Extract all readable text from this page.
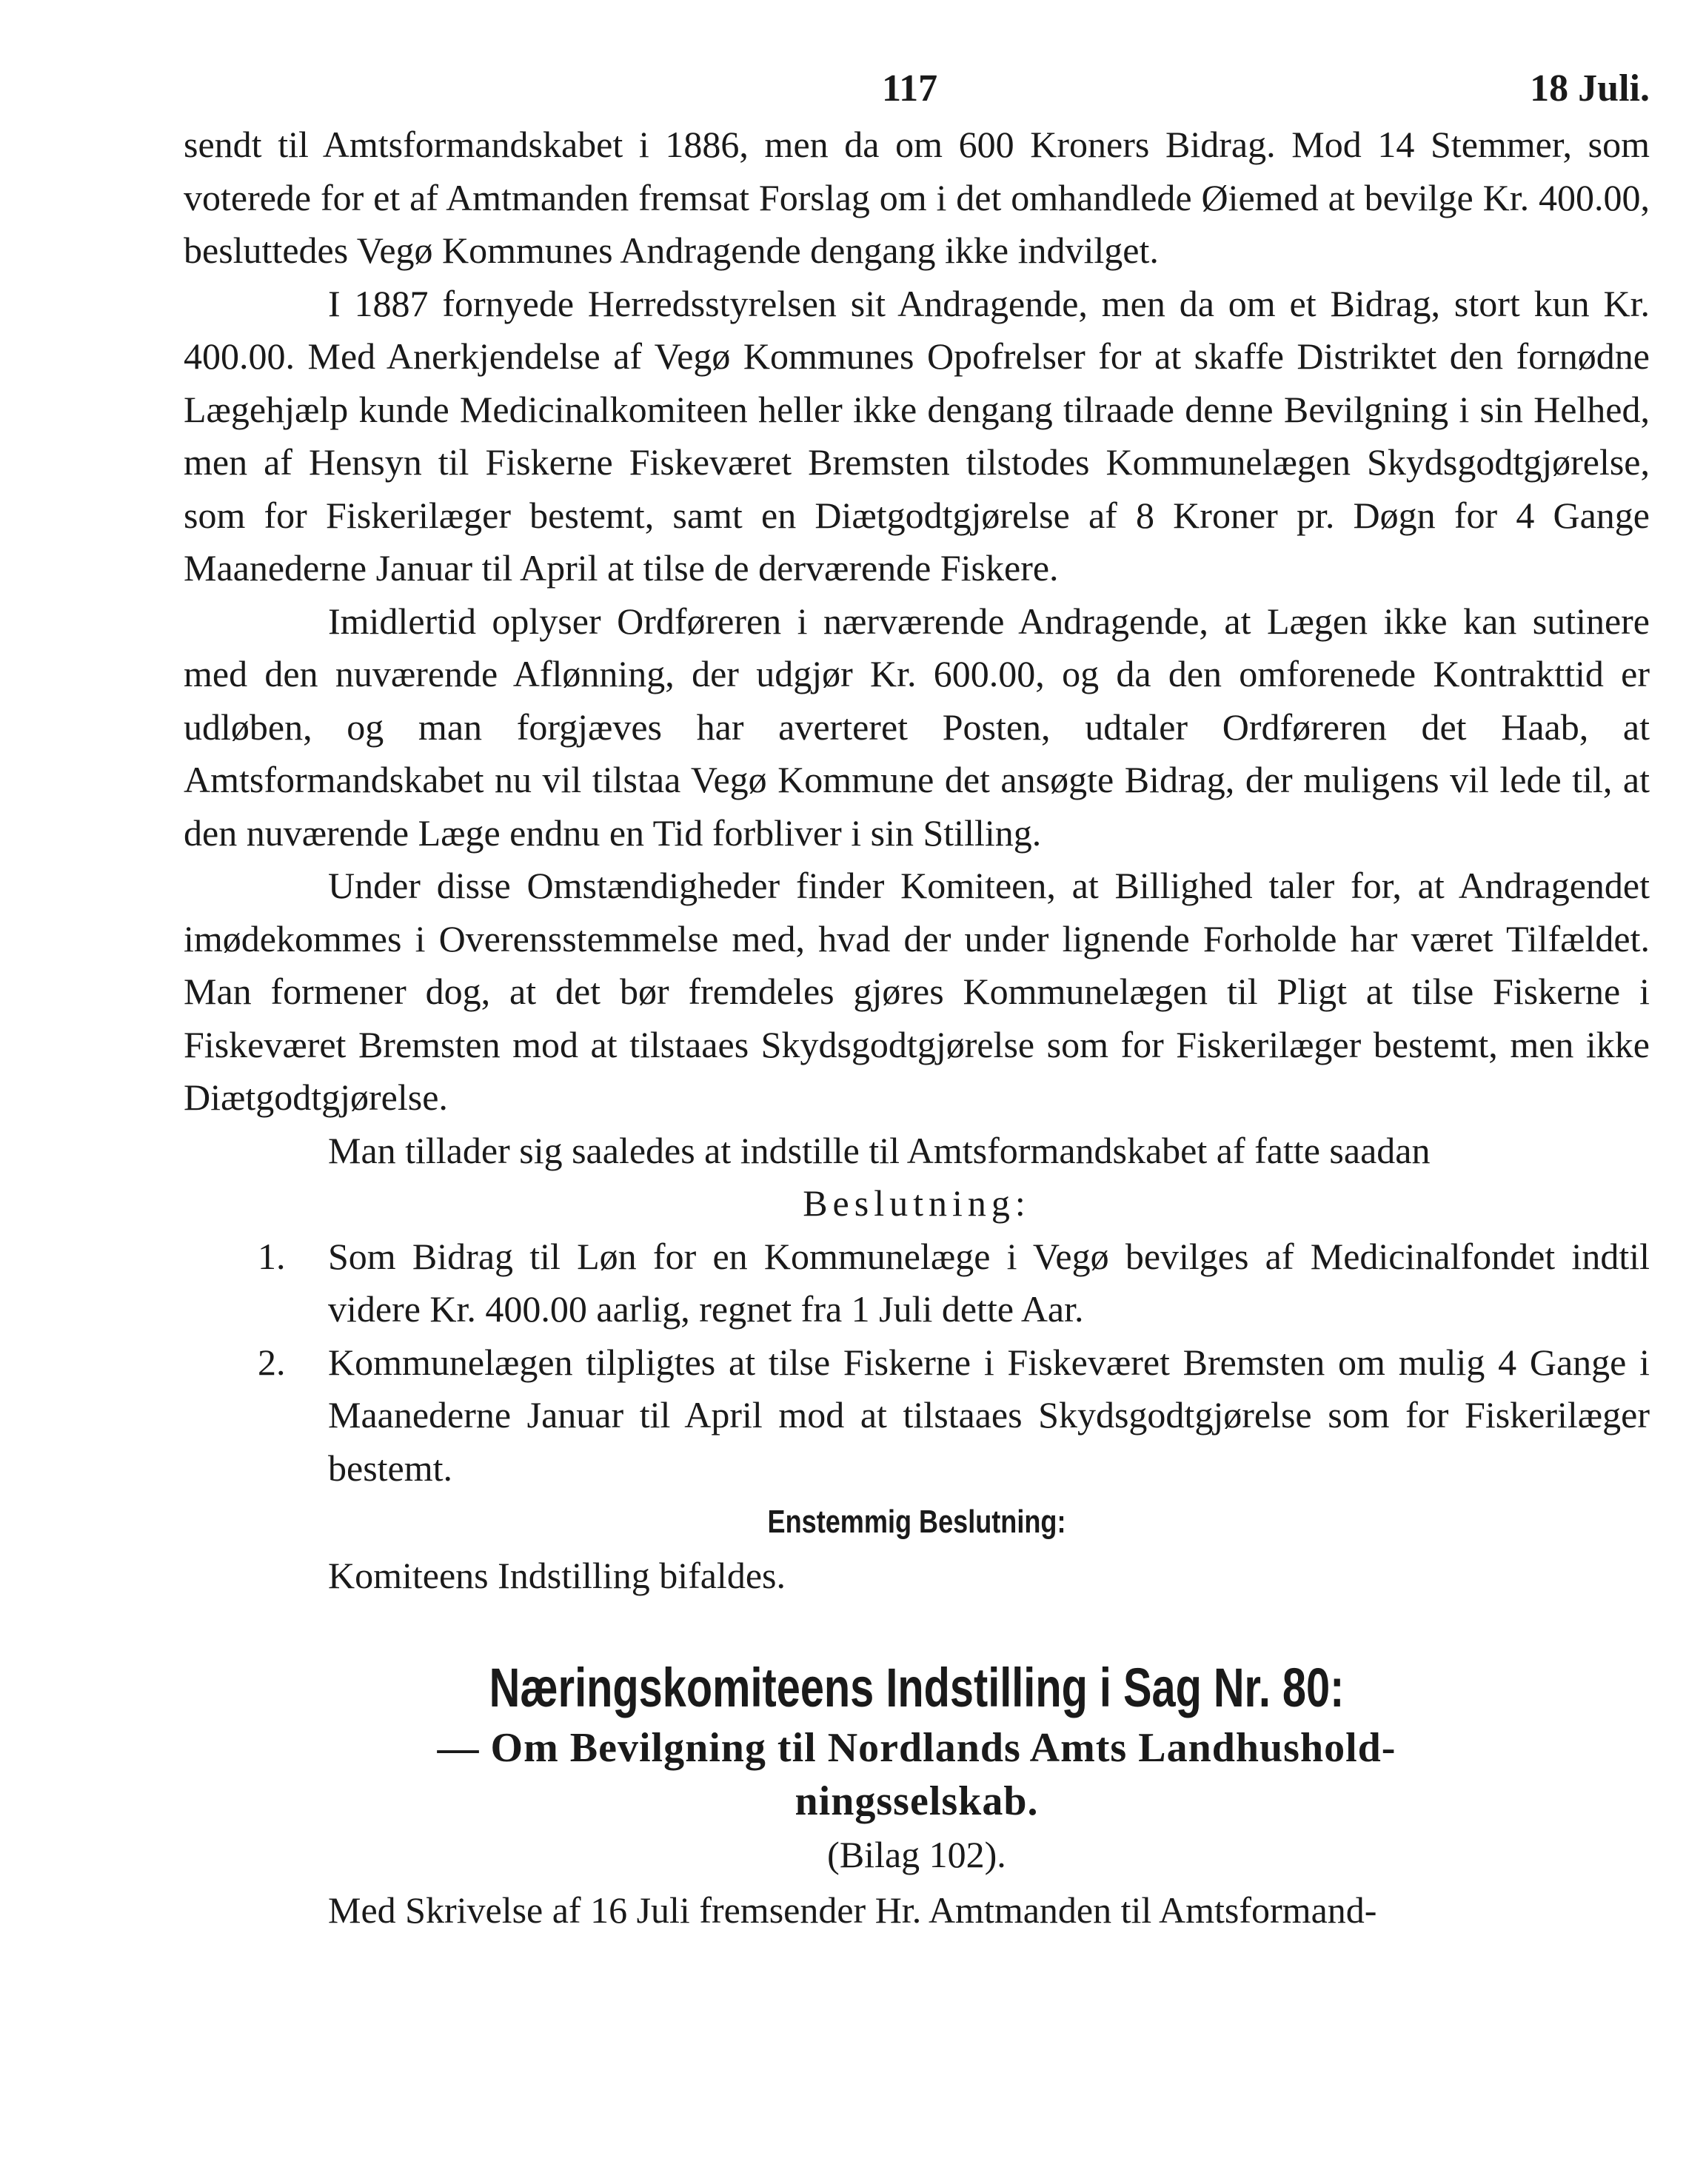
117	18 Juli.

sendt til Amtsformandskabet i 1886, men da om 600 Kroners Bidrag. Mod 14 Stemmer, som voterede for et af Amtmanden fremsat Forslag om i det omhandlede Øiemed at bevilge Kr. 400.00, besluttedes Vegø Kommunes Andragende dengang ikke indvilget.

I 1887 fornyede Herredsstyrelsen sit Andragende, men da om et Bidrag, stort kun Kr. 400.00. Med Anerkjendelse af Vegø Kommunes Opofrelser for at skaffe Distriktet den fornødne Lægehjælp kunde Medicinalkomiteen heller ikke dengang tilraade denne Bevilgning i sin Helhed, men af Hensyn til Fiskerne Fiskeværet Bremsten tilstodes Kommunelægen Skydsgodtgjørelse, som for Fiskerilæger bestemt, samt en Diætgodtgjørelse af 8 Kroner pr. Døgn for 4 Gange Maanederne Januar til April at tilse de derværende Fiskere.

Imidlertid oplyser Ordføreren i nærværende Andragende, at Lægen ikke kan sutinere med den nuværende Aflønning, der udgjør Kr. 600.00, og da den omforenede Kontrakttid er udløben, og man forgjæves har averteret Posten, udtaler Ordføreren det Haab, at Amtsformandskabet nu vil tilstaa Vegø Kommune det ansøgte Bidrag, der muligens vil lede til, at den nuværende Læge endnu en Tid forbliver i sin Stilling.

Under disse Omstændigheder finder Komiteen, at Billighed taler for, at Andragendet imødekommes i Overensstemmelse med, hvad der under lignende Forholde har været Tilfældet. Man formener dog, at det bør fremdeles gjøres Kommunelægen til Pligt at tilse Fiskerne i Fiskeværet Bremsten mod at tilstaaes Skydsgodtgjørelse som for Fiskerilæger bestemt, men ikke Diætgodtgjørelse.

Man tillader sig saaledes at indstille til Amtsformandskabet af fatte saadan

Beslutning:

1. Som Bidrag til Løn for en Kommunelæge i Vegø bevilges af Medicinalfondet indtil videre Kr. 400.00 aarlig, regnet fra 1 Juli dette Aar.
2. Kommunelægen tilpligtes at tilse Fiskerne i Fiskeværet Bremsten om mulig 4 Gange i Maanederne Januar til April mod at tilstaaes Skydsgodtgjørelse som for Fiskerilæger bestemt.
Enstemmig Beslutning:
Komiteens Indstilling bifaldes.
Næringskomiteens Indstilling i Sag Nr. 80:
— Om Bevilgning til Nordlands Amts Landhushold-
ningsselskab.
(Bilag 102).
Med Skrivelse af 16 Juli fremsender Hr. Amtmanden til Amtsformand-
